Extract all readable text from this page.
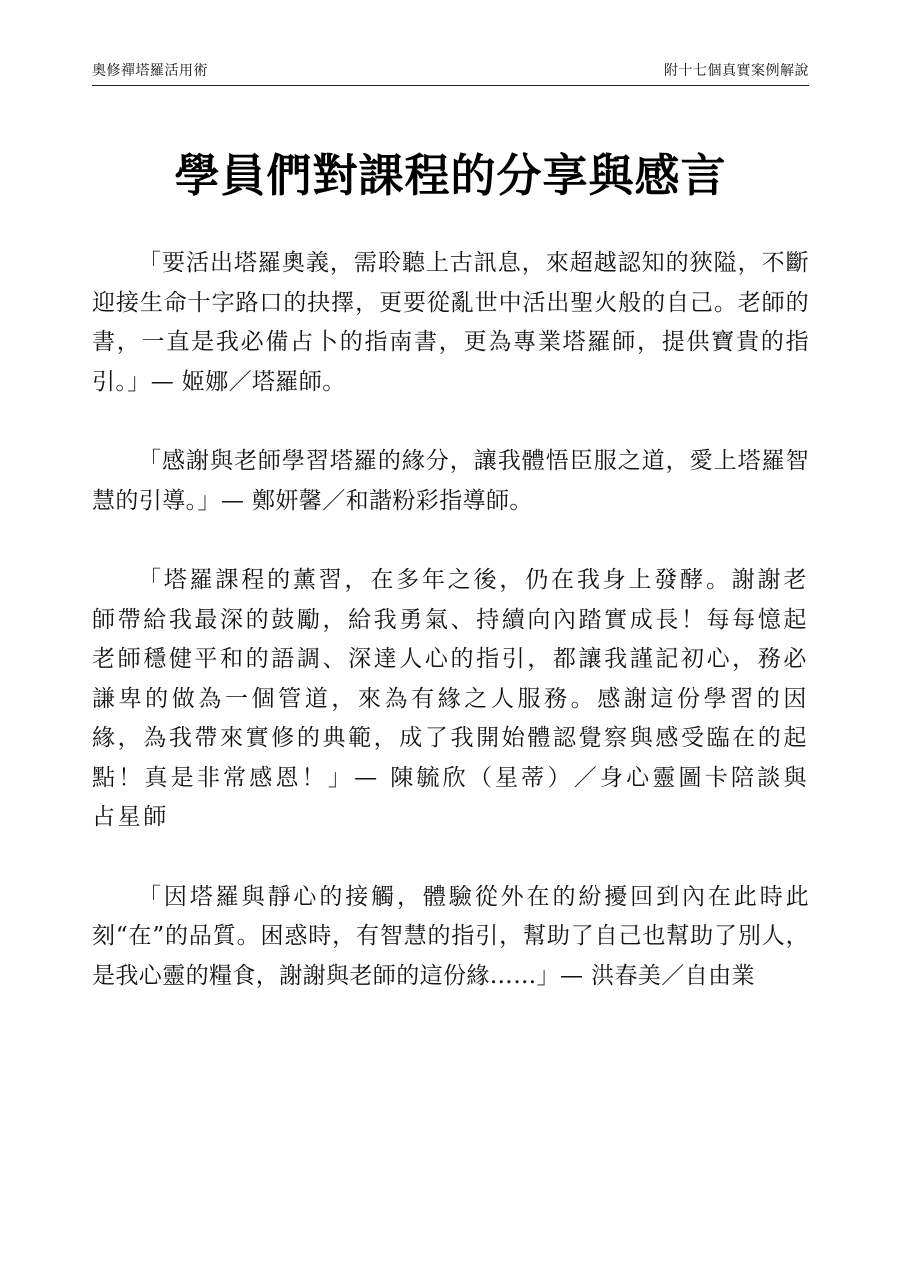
奧修禪塔羅活用術	附十七個真實案例解說
學員們對課程的分享與感言

「要活出塔羅奧義，需聆聽上古訊息，來超越認知的狹隘，不斷迎接生命十字路口的抉擇，更要從亂世中活出聖火般的自己。老師的書，一直是我必備占卜的指南書，更為專業塔羅師，提供寶貴的指引。」— 姬娜／塔羅師。

「感謝與老師學習塔羅的緣分，讓我體悟臣服之道，愛上塔羅智慧的引導。」— 鄭妍馨／和諧粉彩指導師。

「塔羅課程的薰習，在多年之後，仍在我身上發酵。謝謝老師帶給我最深的鼓勵，給我勇氣、持續向內踏實成長！每每憶起老師穩健平和的語調、深達人心的指引，都讓我謹記初心，務必謙卑的做為一個管道，來為有緣之人服務。感謝這份學習的因緣，為我帶來實修的典範，成了我開始體認覺察與感受臨在的起點！真是非常感恩！」— 陳毓欣（星蒂）／身心靈圖卡陪談與占星師

「因塔羅與靜心的接觸，體驗從外在的紛擾回到內在此時此刻“在”的品質。困惑時，有智慧的指引，幫助了自己也幫助了別人，是我心靈的糧食，謝謝與老師的這份緣……」— 洪春美／自由業
